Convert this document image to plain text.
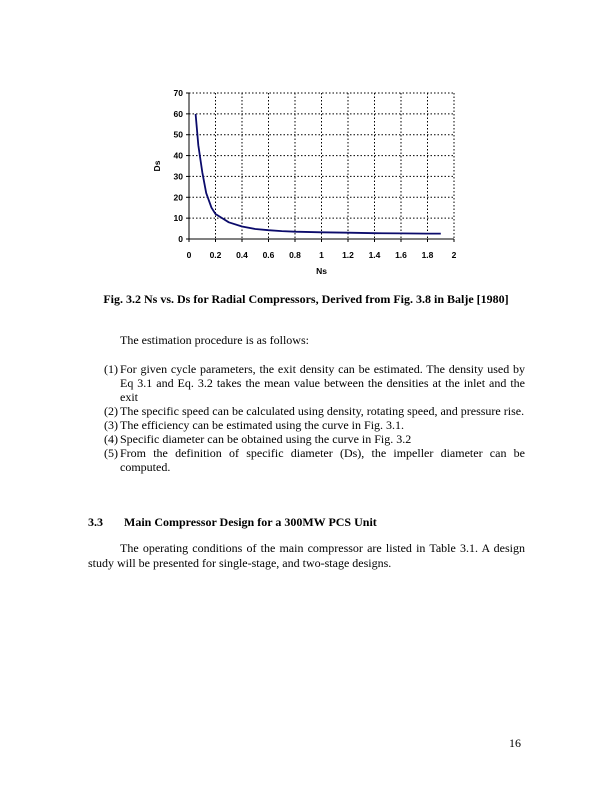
0 0.2 0.4 0.6 0.8 1 1.2 1.4 1.6 1.8 2
0
10
20
30
40
50
60
70
Ns
Ds
Fig. 3.2 Ns vs. Ds for Radial Compressors, Derived from Fig. 3.8 in Balje [1980]
The estimation procedure is as follows:
(1) For given cycle parameters, the exit density can be estimated. The density used by Eq 3.1 and Eq. 3.2 takes the mean value between the densities at the inlet and the exit
(2) The specific speed can be calculated using density, rotating speed, and pressure rise.
(3) The efficiency can be estimated using the curve in Fig. 3.1.
(4) Specific diameter can be obtained using the curve in Fig. 3.2
(5) From the definition of specific diameter (Ds), the impeller diameter can be computed.
3.3 Main Compressor Design for a 300MW PCS Unit

The operating conditions of the main compressor are listed in Table 3.1. A design study will be presented for single-stage, and two-stage designs.

16
